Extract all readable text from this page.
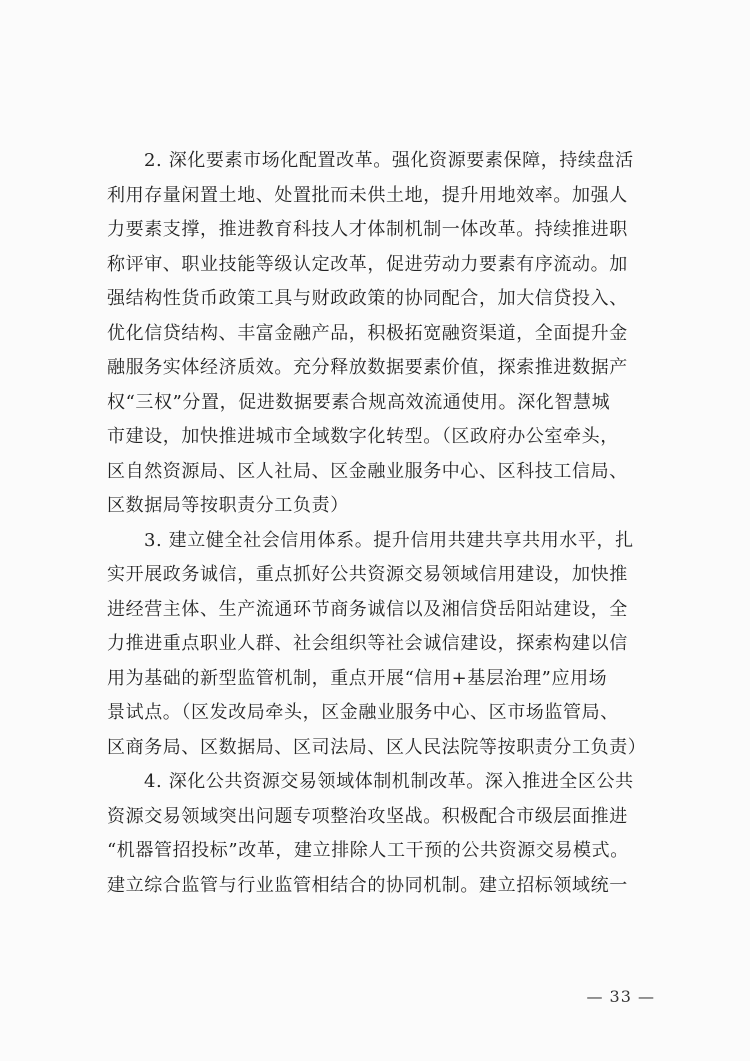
2. 深化要素市场化配置改革。强化资源要素保障，持续盘活
利用存量闲置土地、处置批而未供土地，提升用地效率。加强人
力要素支撑，推进教育科技人才体制机制一体改革。持续推进职
称评审、职业技能等级认定改革，促进劳动力要素有序流动。加
强结构性货币政策工具与财政政策的协同配合，加大信贷投入、
优化信贷结构、丰富金融产品，积极拓宽融资渠道，全面提升金
融服务实体经济质效。充分释放数据要素价值，探索推进数据产
权“三权”分置，促进数据要素合规高效流通使用。深化智慧城
市建设，加快推进城市全域数字化转型。（区政府办公室牵头，
区自然资源局、区人社局、区金融业服务中心、区科技工信局、
区数据局等按职责分工负责）
3. 建立健全社会信用体系。提升信用共建共享共用水平，扎
实开展政务诚信，重点抓好公共资源交易领域信用建设，加快推
进经营主体、生产流通环节商务诚信以及湘信贷岳阳站建设，全
力推进重点职业人群、社会组织等社会诚信建设，探索构建以信
用为基础的新型监管机制，重点开展“信用+基层治理”应用场
景试点。（区发改局牵头，区金融业服务中心、区市场监管局、
区商务局、区数据局、区司法局、区人民法院等按职责分工负责）
4. 深化公共资源交易领域体制机制改革。深入推进全区公共
资源交易领域突出问题专项整治攻坚战。积极配合市级层面推进
“机器管招投标”改革，建立排除人工干预的公共资源交易模式。
建立综合监管与行业监管相结合的协同机制。建立招标领域统一
— 33 —
